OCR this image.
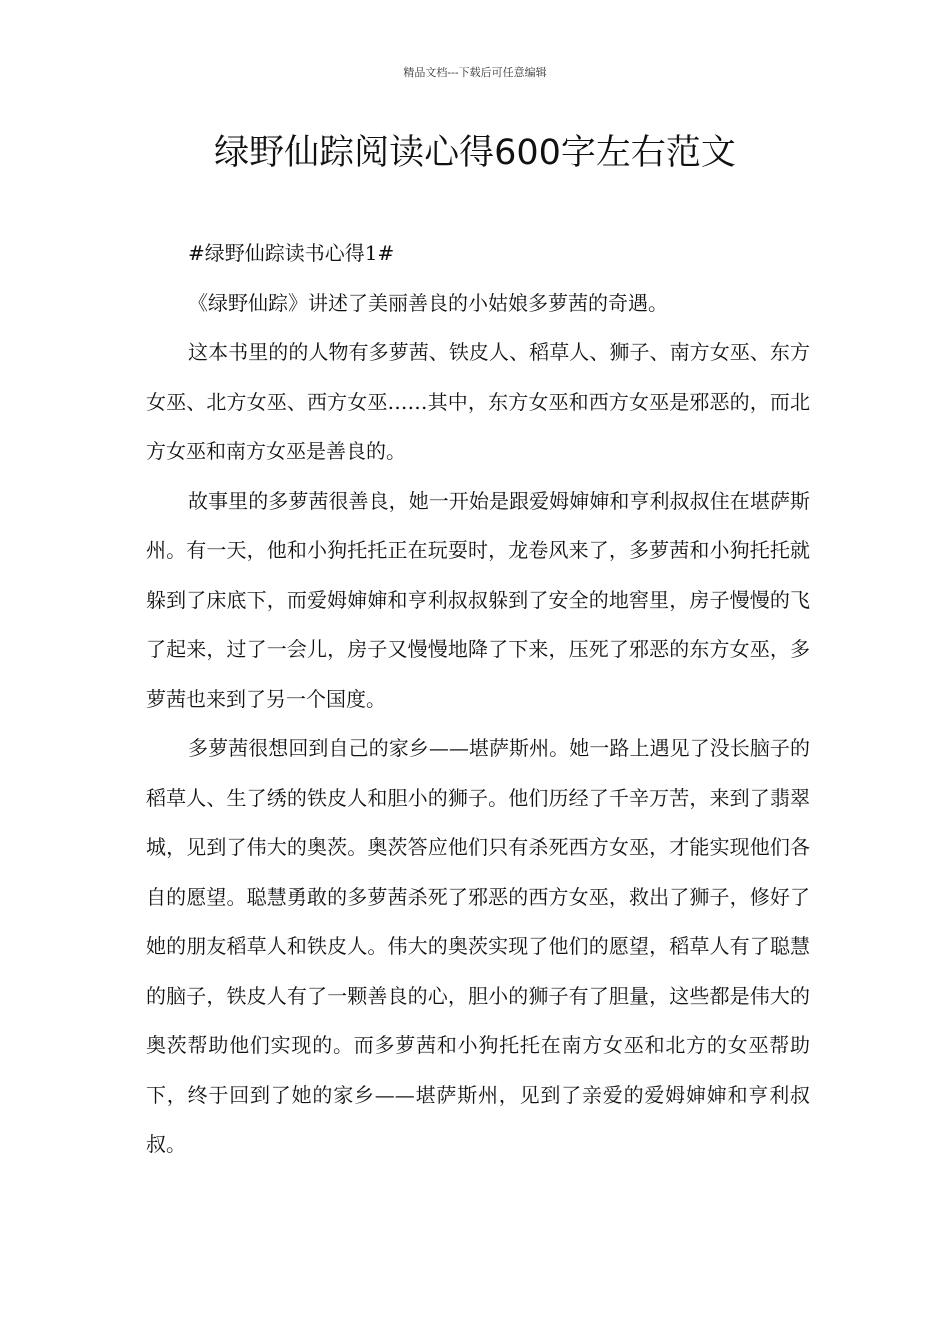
精品文档---下载后可任意编辑
绿野仙踪阅读心得600字左右范文

#绿野仙踪读书心得1#

《绿野仙踪》讲述了美丽善良的小姑娘多萝茜的奇遇。

这本书里的的人物有多萝茜、铁皮人、稻草人、狮子、南方女巫、东方女巫、北方女巫、西方女巫……其中，东方女巫和西方女巫是邪恶的，而北方女巫和南方女巫是善良的。

故事里的多萝茜很善良，她一开始是跟爱姆婶婶和亨利叔叔住在堪萨斯州。有一天，他和小狗托托正在玩耍时，龙卷风来了，多萝茜和小狗托托就躲到了床底下，而爱姆婶婶和亨利叔叔躲到了安全的地窖里，房子慢慢的飞了起来，过了一会儿，房子又慢慢地降了下来，压死了邪恶的东方女巫，多萝茜也来到了另一个国度。

多萝茜很想回到自己的家乡——堪萨斯州。她一路上遇见了没长脑子的稻草人、生了绣的铁皮人和胆小的狮子。他们历经了千辛万苦，来到了翡翠城，见到了伟大的奥茨。奥茨答应他们只有杀死西方女巫，才能实现他们各自的愿望。聪慧勇敢的多萝茜杀死了邪恶的西方女巫，救出了狮子，修好了她的朋友稻草人和铁皮人。伟大的奥茨实现了他们的愿望，稻草人有了聪慧的脑子，铁皮人有了一颗善良的心，胆小的狮子有了胆量，这些都是伟大的奥茨帮助他们实现的。而多萝茜和小狗托托在南方女巫和北方的女巫帮助下，终于回到了她的家乡——堪萨斯州，见到了亲爱的爱姆婶婶和亨利叔叔。
